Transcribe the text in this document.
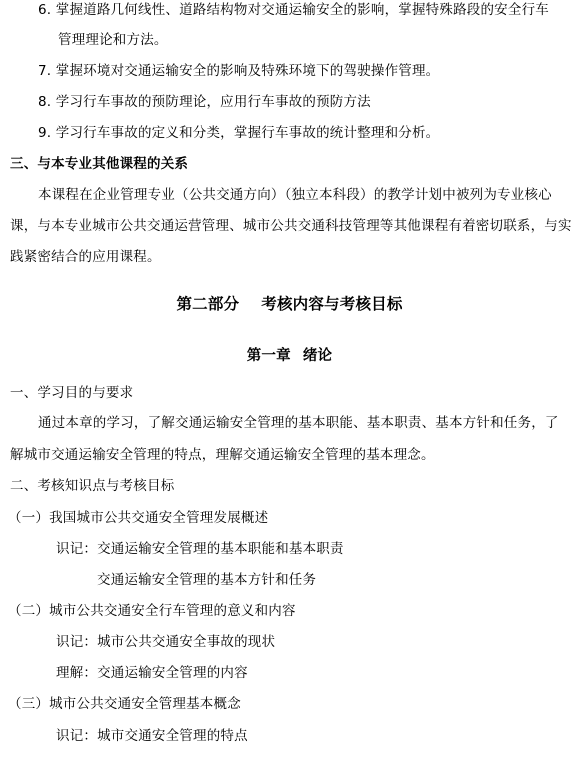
6. 掌握道路几何线性、道路结构物对交通运输安全的影响，掌握特殊路段的安全行车
管理理论和方法。
7. 掌握环境对交通运输安全的影响及特殊环境下的驾驶操作管理。
8. 学习行车事故的预防理论，应用行车事故的预防方法
9. 学习行车事故的定义和分类，掌握行车事故的统计整理和分析。
三、与本专业其他课程的关系
本课程在企业管理专业（公共交通方向）（独立本科段）的教学计划中被列为专业核心
课，与本专业城市公共交通运营管理、城市公共交通科技管理等其他课程有着密切联系，与实
践紧密结合的应用课程。
第二部分 考核内容与考核目标
第一章 绪论
一、学习目的与要求
通过本章的学习，了解交通运输安全管理的基本职能、基本职责、基本方针和任务，了
解城市交通运输安全管理的特点，理解交通运输安全管理的基本理念。
二、考核知识点与考核目标
（一）我国城市公共交通安全管理发展概述
识记：交通运输安全管理的基本职能和基本职责
交通运输安全管理的基本方针和任务
（二）城市公共交通安全行车管理的意义和内容
识记：城市公共交通安全事故的现状
理解：交通运输安全管理的内容
（三）城市公共交通安全管理基本概念
识记：城市交通安全管理的特点
